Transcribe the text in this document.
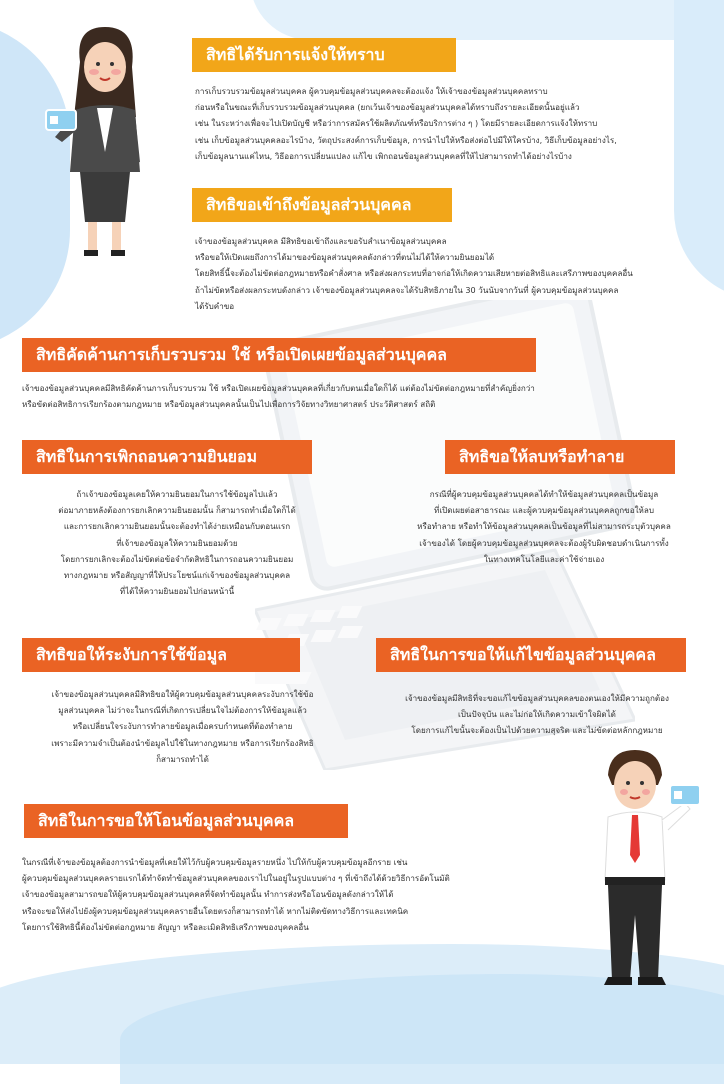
สิทธิได้รับการแจ้งให้ทราบ
การเก็บรวบรวมข้อมูลส่วนบุคคล ผู้ควบคุมข้อมูลส่วนบุคคลจะต้องแจ้ง ให้เจ้าของข้อมูลส่วนบุคคลทราบ
ก่อนหรือในขณะที่เก็บรวบรวมข้อมูลส่วนบุคคล (ยกเว้นเจ้าของข้อมูลส่วนบุคคลได้ทราบถึงรายละเอียดนั้นอยู่แล้ว
เช่น ในระหว่างเพื่อจะไปเปิดบัญชี หรือว่าการสมัครใช้ผลิตภัณฑ์หรือบริการต่าง ๆ ) โดยมีรายละเอียดการแจ้งให้ทราบ
เช่น เก็บข้อมูลส่วนบุคคลอะไรบ้าง, วัตถุประสงค์การเก็บข้อมูล, การนำไปให้หรือส่งต่อไปมีให้ใครบ้าง, วิธีเก็บข้อมูลอย่างไร,
เก็บข้อมูลนานแค่ไหน, วิธีออการเปลี่ยนแปลง แก้ไข เพิกถอนข้อมูลส่วนบุคคลที่ให้ไปสามารถทำได้อย่างไรบ้าง
สิทธิขอเข้าถึงข้อมูลส่วนบุคคล
เจ้าของข้อมูลส่วนบุคคล มีสิทธิขอเข้าถึงและขอรับสำเนาข้อมูลส่วนบุคคล
หรือขอให้เปิดเผยถึงการได้มาของข้อมูลส่วนบุคคลดังกล่าวที่ตนไม่ได้ให้ความยินยอมได้
โดยสิทธิ์นี้จะต้องไม่ขัดต่อกฎหมายหรือคำสั่งศาล หรือส่งผลกระทบที่อาจก่อให้เกิดความเสียหายต่อสิทธิและเสรีภาพของบุคคลอื่น
ถ้าไม่ขัดหรือส่งผลกระทบดังกล่าว เจ้าของข้อมูลส่วนบุคคลจะได้รับสิทธิภายใน 30 วันนับจากวันที่ ผู้ควบคุมข้อมูลส่วนบุคคล
ได้รับคำขอ
สิทธิคัดค้านการเก็บรวบรวม ใช้ หรือเปิดเผยข้อมูลส่วนบุคคล
เจ้าของข้อมูลส่วนบุคคลมีสิทธิคัดค้านการเก็บรวบรวม ใช้ หรือเปิดเผยข้อมูลส่วนบุคคลที่เกี่ยวกับตนเมื่อใดก็ได้ แต่ต้องไม่ขัดต่อกฎหมายที่สำคัญยิ่งกว่า
หรือขัดต่อสิทธิการเรียกร้องตามกฎหมาย หรือข้อมูลส่วนบุคคลนั้นเป็นไปเพื่อการวิจัยทางวิทยาศาสตร์ ประวัติศาสตร์ สถิติ
สิทธิในการเพิกถอนความยินยอม
ถ้าเจ้าของข้อมูลเคยให้ความยินยอมในการใช้ข้อมูลไปแล้ว
ต่อมาภายหลังต้องการยกเลิกความยินยอมนั้น ก็สามารถทำเมื่อใดก็ได้
และการยกเลิกความยินยอมนั้นจะต้องทำได้ง่ายเหมือนกับตอนแรก
ที่เจ้าของข้อมูลให้ความยินยอมด้วย
โดยการยกเลิกจะต้องไม่ขัดต่อข้อจำกัดสิทธิในการถอนความยินยอม
ทางกฎหมาย หรือสัญญาที่ให้ประโยชน์แก่เจ้าของข้อมูลส่วนบุคคล
ที่ได้ให้ความยินยอมไปก่อนหน้านี้
สิทธิขอให้ลบหรือทำลาย
กรณีที่ผู้ควบคุมข้อมูลส่วนบุคคลได้ทำให้ข้อมูลส่วนบุคคลเป็นข้อมูล
ที่เปิดเผยต่อสาธารณะ และผู้ควบคุมข้อมูลส่วนบุคคลถูกขอให้ลบ
หรือทำลาย หรือทำให้ข้อมูลส่วนบุคคลเป็นข้อมูลที่ไม่สามารถระบุตัวบุคคล
เจ้าของได้ โดยผู้ควบคุมข้อมูลส่วนบุคคลจะต้องผู้รับผิดชอบดำเนินการทั้ง
ในทางเทคโนโลยีและค่าใช้จ่ายเอง
สิทธิขอให้ระงับการใช้ข้อมูล
เจ้าของข้อมูลส่วนบุคคลมีสิทธิขอให้ผู้ควบคุมข้อมูลส่วนบุคคลระงับการใช้ข้อ
มูลส่วนบุคคล ไม่ว่าจะในกรณีที่เกิดการเปลี่ยนใจไม่ต้องการให้ข้อมูลแล้ว
หรือเปลี่ยนใจระงับการทำลายข้อมูลเมื่อครบกำหนดที่ต้องทำลาย
เพราะมีความจำเป็นต้องนำข้อมูลไปใช้ในทางกฎหมาย หรือการเรียกร้องสิทธิ
ก็สามารถทำได้
สิทธิในการขอให้แก้ไขข้อมูลส่วนบุคคล
เจ้าของข้อมูลมีสิทธิที่จะขอแก้ไขข้อมูลส่วนบุคคลของตนเองให้มีความถูกต้อง
เป็นปัจจุบัน และไม่ก่อให้เกิดความเข้าใจผิดได้
โดยการแก้ไขนั้นจะต้องเป็นไปด้วยความสุจริต และไม่ขัดต่อหลักกฎหมาย
สิทธิในการขอให้โอนข้อมูลส่วนบุคคล
ในกรณีที่เจ้าของข้อมูลต้องการนำข้อมูลที่เคยให้ไว้กับผู้ควบคุมข้อมูลรายหนึ่ง ไปให้กับผู้ควบคุมข้อมูลอีกราย เช่น
ผู้ควบคุมข้อมูลส่วนบุคคลรายแรกได้ทำจัดทำข้อมูลส่วนบุคคลของเราไปในอยู่ในรูปแบบต่าง ๆ ที่เข้าถึงได้ด้วยวิธีการอัตโนมัติ
เจ้าของข้อมูลสามารถขอให้ผู้ควบคุมข้อมูลส่วนบุคคลที่จัดทำข้อมูลนั้น ทำการส่งหรือโอนข้อมูลดังกล่าวให้ได้
หรือจะขอให้ส่งไปยังผู้ควบคุมข้อมูลส่วนบุคคลรายอื่นโดยตรงก็สามารถทำได้ หากไม่ติดขัดทางวิธีการและเทคนิค
โดยการใช้สิทธินี้ต้องไม่ขัดต่อกฎหมาย สัญญา หรือละเมิดสิทธิเสรีภาพของบุคคลอื่น
